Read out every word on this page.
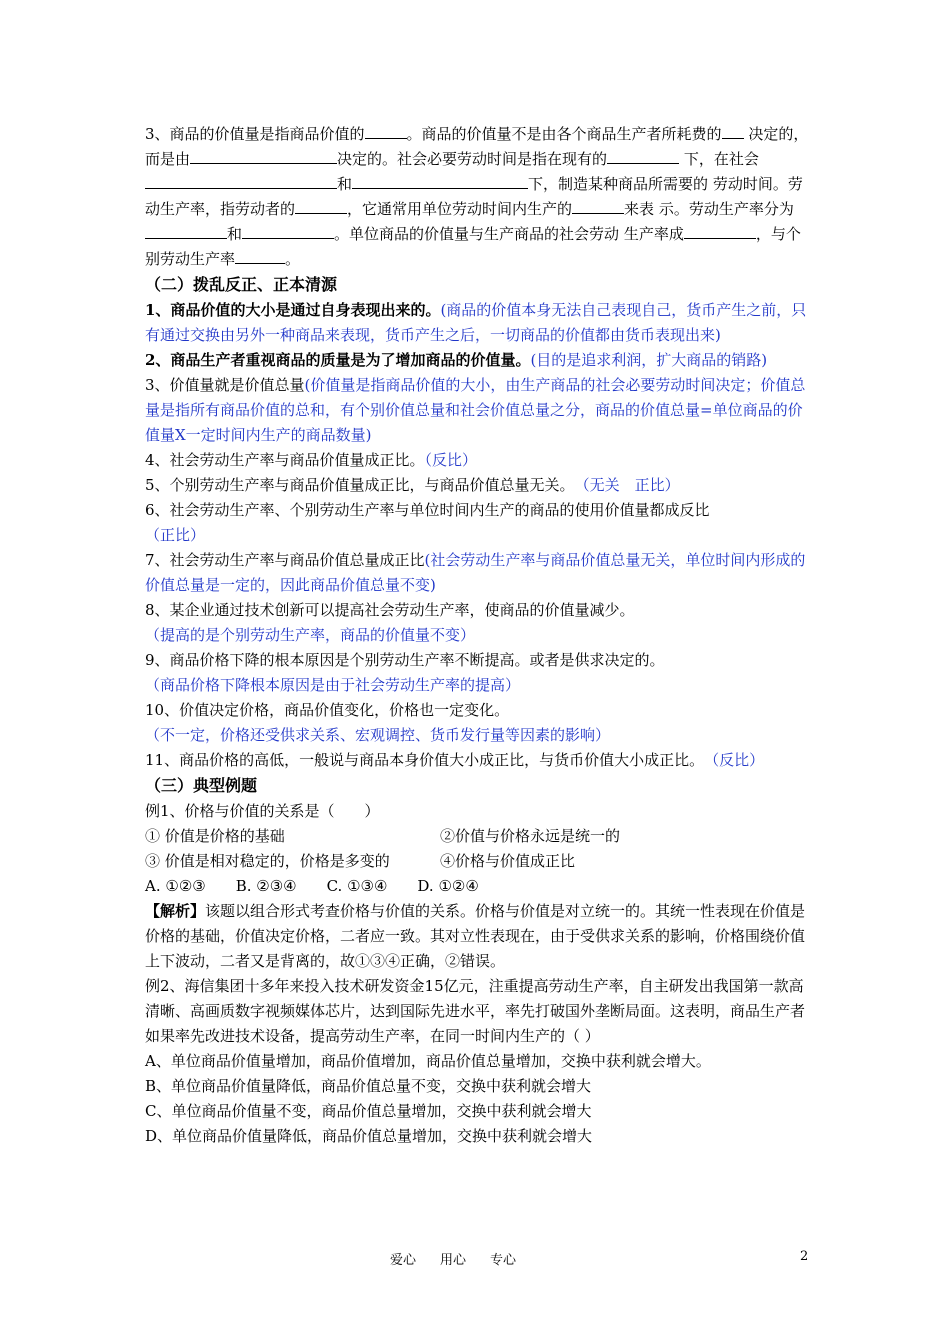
3、商品的价值量是指商品价值的	。商品的价值量不是由各个商品生产者所耗费的 决定的，而是由	决定的。社会必要劳动时间是指在现有的	下，在社会和	下，制造某种商品所需要的 劳动时间。劳动生产率，指劳动者的	，它通常用单位劳动时间内生产的	来表 示。劳动生产率分为和	。单位商品的价值量与生产商品的社会劳动 生产率成	，与个别劳动生产率	。

（二）拨乱反正、正本清源

1、商品价值的大小是通过自身表现出来的。(商品的价值本身无法自己表现自己，货币产生之前，只有通过交换由另外一种商品来表现，货币产生之后，一切商品的价值都由货币表现出来)

2、商品生产者重视商品的质量是为了增加商品的价值量。(目的是追求利润，扩大商品的销路)

3、价值量就是价值总量(价值量是指商品价值的大小，由生产商品的社会必要劳动时间决定；价值总量是指所有商品价值的总和，有个别价值总量和社会价值总量之分，商品的价值总量=单位商品的价值量X一定时间内生产的商品数量)

4、社会劳动生产率与商品价值量成正比。（反比）

5、个别劳动生产率与商品价值量成正比，与商品价值总量无关。　 （无关　正比）

6、社会劳动生产率、个别劳动生产率与单位时间内生产的商品的使用价值量都成反比
（正比）

7、社会劳动生产率与商品价值总量成正比(社会劳动生产率与商品价值总量无关，单位时间内形成的价值总量是一定的，因此商品价值总量不变)

8、某企业通过技术创新可以提高社会劳动生产率，使商品的价值量减少。
（提高的是个别劳动生产率，商品的价值量不变）

9、商品价格下降的根本原因是个别劳动生产率不断提高。或者是供求决定的。
（商品价格下降根本原因是由于社会劳动生产率的提高）

10、价值决定价格，商品价值变化，价格也一定变化。
（不一定，价格还受供求关系、宏观调控、货币发行量等因素的影响）

11、商品价格的高低，一般说与商品本身价值大小成正比，与货币价值大小成正比。　 （反比）

（三）典型例题

例1、价格与价值的关系是（　　）

① 价值是价格的基础	②价值与价格永远是统一的

③ 价值是相对稳定的，价格是多变的	④价格与价值成正比

A. ①②③　　B. ②③④　　C. ①③④　　D. ①②④

【解析】该题以组合形式考查价格与价值的关系。价格与价值是对立统一的。其统一性表现在价值是价格的基础，价值决定价格，二者应一致。其对立性表现在，由于受供求关系的影响，价格围绕价值上下波动，二者又是背离的，故①③④正确，②错误。

例2、海信集团十多年来投入技术研发资金15亿元，注重提高劳动生产率，自主研发出我国第一款高清晰、高画质数字视频媒体芯片，达到国际先进水平，率先打破国外垄断局面。这表明，商品生产者如果率先改进技术设备，提高劳动生产率，在同一时间内生产的（ ）

A、单位商品价值量增加，商品价值增加，商品价值总量增加，交换中获利就会增大。

B、单位商品价值量降低，商品价值总量不变，交换中获利就会增大

C、单位商品价值量不变，商品价值总量增加，交换中获利就会增大

D、单位商品价值量降低，商品价值总量增加，交换中获利就会增大

爱心 用心 专心	2
